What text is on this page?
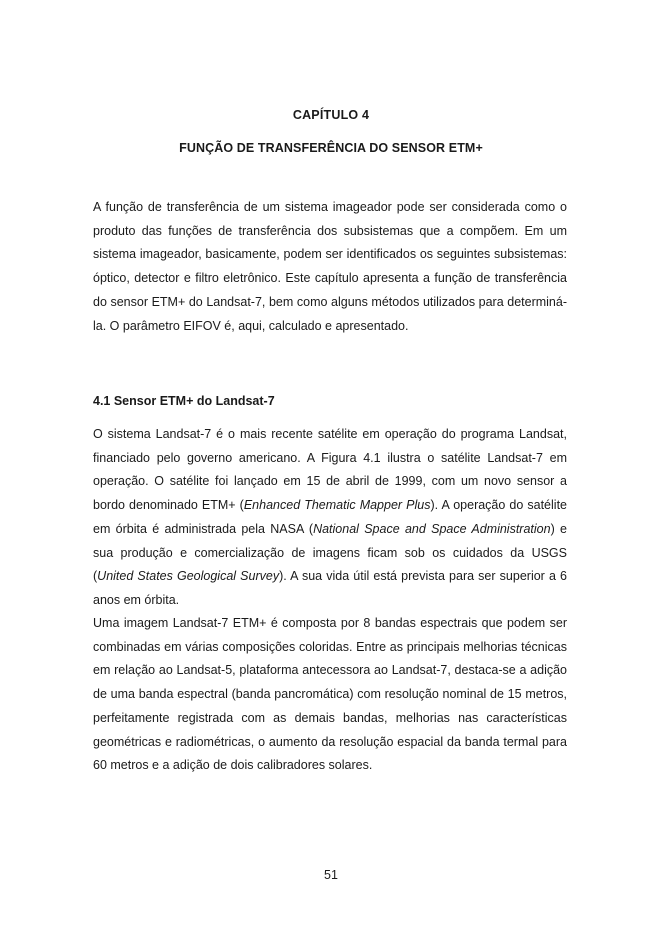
CAPÍTULO 4
FUNÇÃO DE TRANSFERÊNCIA DO SENSOR ETM+

A função de transferência de um sistema imageador pode ser considerada como o produto das funções de transferência dos subsistemas que a compõem. Em um sistema imageador, basicamente, podem ser identificados os seguintes subsistemas: óptico, detector e filtro eletrônico. Este capítulo apresenta a função de transferência do sensor ETM+ do Landsat-7, bem como alguns métodos utilizados para determiná-la. O parâmetro EIFOV é, aqui, calculado e apresentado.

4.1 Sensor ETM+ do Landsat-7

O sistema Landsat-7 é o mais recente satélite em operação do programa Landsat, financiado pelo governo americano. A Figura 4.1 ilustra o satélite Landsat-7 em operação. O satélite foi lançado em 15 de abril de 1999, com um novo sensor a bordo denominado ETM+ (Enhanced Thematic Mapper Plus). A operação do satélite em órbita é administrada pela NASA (National Space and Space Administration) e sua produção e comercialização de imagens ficam sob os cuidados da USGS (United States Geological Survey). A sua vida útil está prevista para ser superior a 6 anos em órbita.

Uma imagem Landsat-7 ETM+ é composta por 8 bandas espectrais que podem ser combinadas em várias composições coloridas. Entre as principais melhorias técnicas em relação ao Landsat-5, plataforma antecessora ao Landsat-7, destaca-se a adição de uma banda espectral (banda pancromática) com resolução nominal de 15 metros, perfeitamente registrada com as demais bandas, melhorias nas características geométricas e radiométricas, o aumento da resolução espacial da banda termal para 60 metros e a adição de dois calibradores solares.

51
